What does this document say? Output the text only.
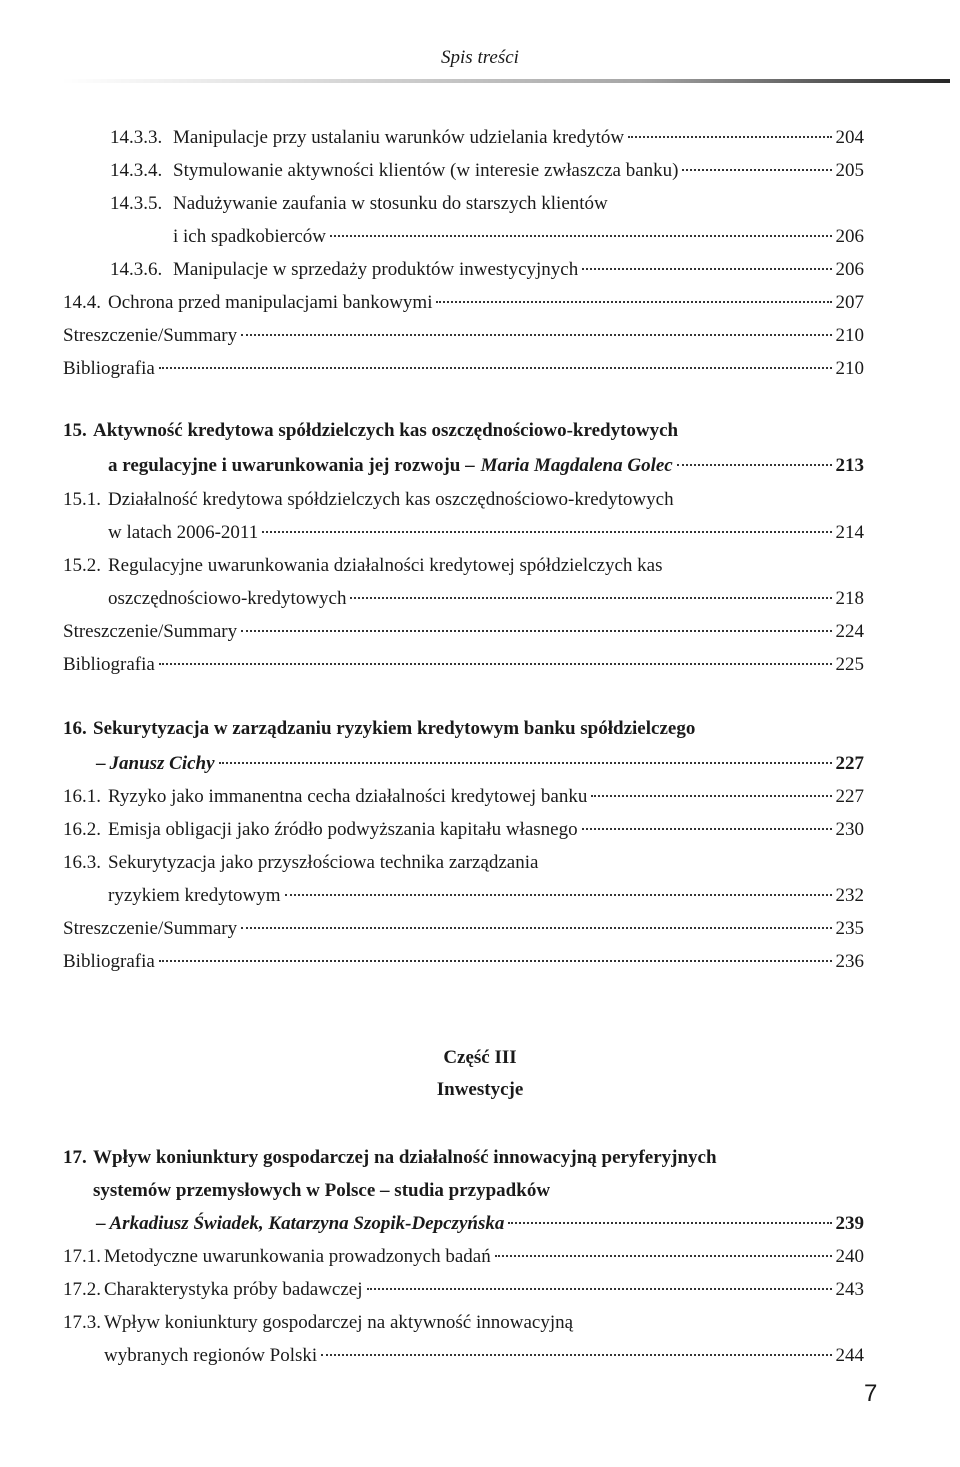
Spis treści
14.3.3. Manipulacje przy ustalaniu warunków udzielania kredytów	204
14.3.4. Stymulowanie aktywności klientów (w interesie zwłaszcza banku)	205
14.3.5. Nadużywanie zaufania w stosunku do starszych klientów
i ich spadkobierców	206
14.3.6. Manipulacje w sprzedaży produktów inwestycyjnych	206
14.4. Ochrona przed manipulacjami bankowymi	207
Streszczenie/Summary	210
Bibliografia	210
15. Aktywność kredytowa spółdzielczych kas oszczędnościowo-kredytowych
a regulacyjne i uwarunkowania jej rozwoju – Maria Magdalena Golec	213
15.1. Działalność kredytowa spółdzielczych kas oszczędnościowo-kredytowych
w latach 2006-2011	214
15.2. Regulacyjne uwarunkowania działalności kredytowej spółdzielczych kas
oszczędnościowo-kredytowych	218
Streszczenie/Summary	224
Bibliografia	225
16. Sekurytyzacja w zarządzaniu ryzykiem kredytowym banku spółdzielczego
– Janusz Cichy	227
16.1. Ryzyko jako immanentna cecha działalności kredytowej banku	227
16.2. Emisja obligacji jako źródło podwyższania kapitału własnego	230
16.3. Sekurytyzacja jako przyszłościowa technika zarządzania
ryzykiem kredytowym	232
Streszczenie/Summary	235
Bibliografia	236
Część III
Inwestycje
17. Wpływ koniunktury gospodarczej na działalność innowacyjną peryferyjnych
systemów przemysłowych w Polsce – studia przypadków
– Arkadiusz Świadek, Katarzyna Szopik-Depczyńska	239
17.1. Metodyczne uwarunkowania prowadzonych badań	240
17.2. Charakterystyka próby badawczej	243
17.3. Wpływ koniunktury gospodarczej na aktywność innowacyjną
wybranych regionów Polski	244
7
